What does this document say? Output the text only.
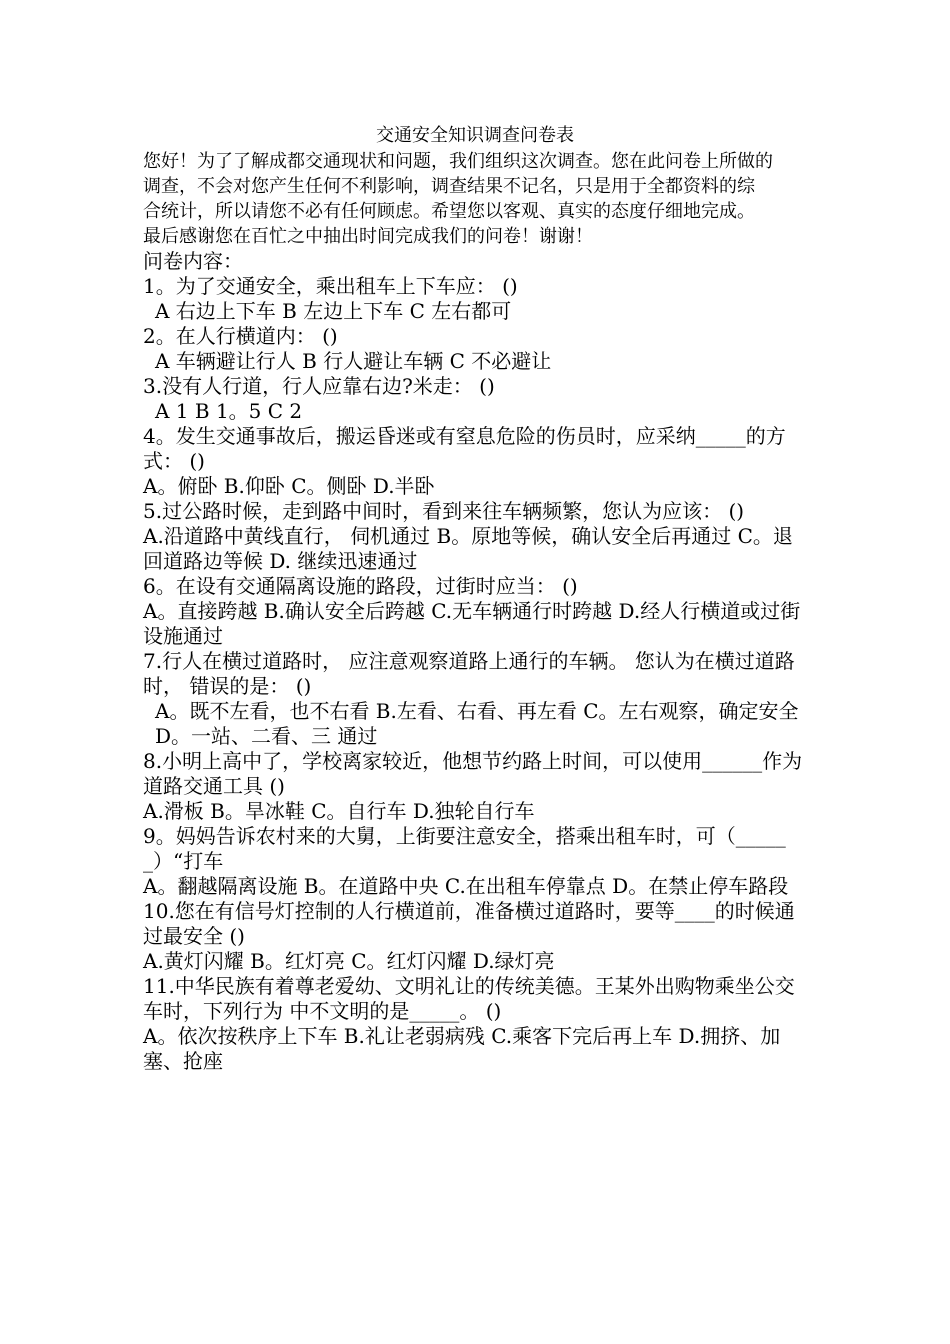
交通安全知识调查问卷表
您好！为了了解成都交通现状和问题，我们组织这次调查。您在此问卷上所做的
调查，不会对您产生任何不利影响，调查结果不记名，只是用于全都资料的综
合统计，所以请您不必有任何顾虑。希望您以客观、真实的态度仔细地完成。
最后感谢您在百忙之中抽出时间完成我们的问卷！谢谢！
问卷内容：
1。为了交通安全，乘出租车上下车应： ()
A 右边上下车 B 左边上下车 C 左右都可
2。在人行横道内： ()
A 车辆避让行人 B 行人避让车辆 C 不必避让
3.没有人行道，行人应靠右边?米走： ()
A 1 B 1。5 C 2
4。发生交通事故后，搬运昏迷或有窒息危险的伤员时，应采纳_____的方式： ()
A。俯卧 B.仰卧 C。侧卧 D.半卧
5.过公路时候，走到路中间时，看到来往车辆频繁，您认为应该： ()
A.沿道路中黄线直行， 伺机通过 B。原地等候，确认安全后再通过 C。退回道路边等候 D. 继续迅速通过
6。在设有交通隔离设施的路段，过街时应当： ()
A。直接跨越 B.确认安全后跨越 C.无车辆通行时跨越 D.经人行横道或过街设施通过
7.行人在横过道路时， 应注意观察道路上通行的车辆。 您认为在横过道路时， 错误的是： ()
A。既不左看，也不右看 B.左看、右看、再左看 C。左右观察，确定安全 D。一站、二看、三 通过
8.小明上高中了，学校离家较近，他想节约路上时间，可以使用______作为道路交通工具 ()
A.滑板 B。旱冰鞋 C。自行车 D.独轮自行车
9。妈妈告诉农村来的大舅，上街要注意安全，搭乘出租车时，可（______）“打车
A。翻越隔离设施 B。在道路中央 C.在出租车停靠点 D。在禁止停车路段
10.您在有信号灯控制的人行横道前，准备横过道路时，要等____的时候通过最安全 ()
A.黄灯闪耀 B。红灯亮 C。红灯闪耀 D.绿灯亮
11.中华民族有着尊老爱幼、文明礼让的传统美德。王某外出购物乘坐公交车时，下列行为 中不文明的是_____。 ()
A。依次按秩序上下车 B.礼让老弱病残 C.乘客下完后再上车 D.拥挤、加塞、抢座
